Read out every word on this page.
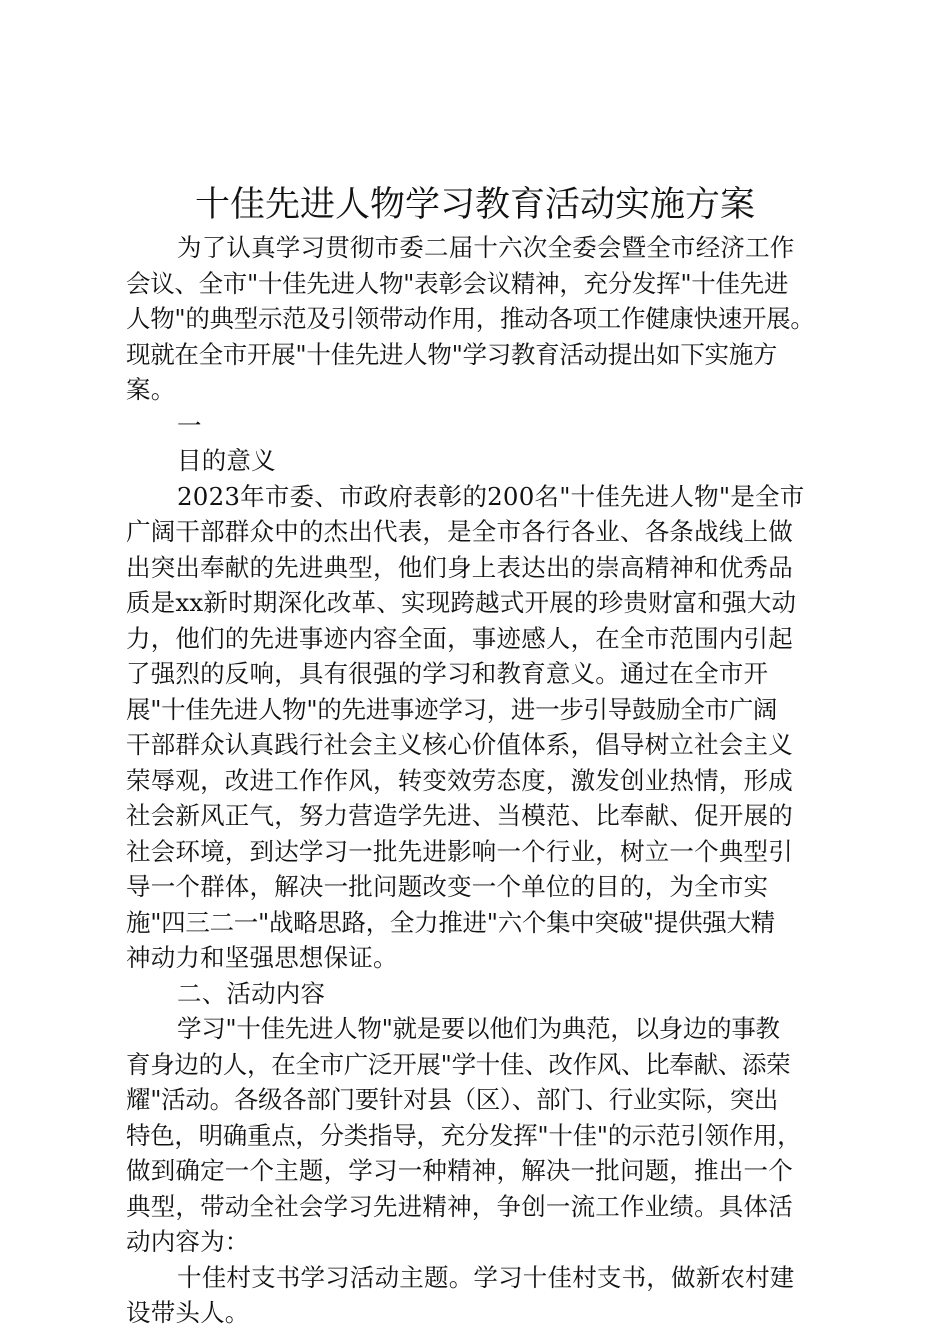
十佳先进人物学习教育活动实施方案
为了认真学习贯彻市委二届十六次全委会暨全市经济工作
会议、全市"十佳先进人物"表彰会议精神，充分发挥"十佳先进
人物"的典型示范及引领带动作用，推动各项工作健康快速开展。
现就在全市开展"十佳先进人物"学习教育活动提出如下实施方
案。
一
目的意义
2023年市委、市政府表彰的200名"十佳先进人物"是全市
广阔干部群众中的杰出代表，是全市各行各业、各条战线上做
出突出奉献的先进典型，他们身上表达出的崇高精神和优秀品
质是xx新时期深化改革、实现跨越式开展的珍贵财富和强大动
力，他们的先进事迹内容全面，事迹感人，在全市范围内引起
了强烈的反响，具有很强的学习和教育意义。通过在全市开
展"十佳先进人物"的先进事迹学习，进一步引导鼓励全市广阔
干部群众认真践行社会主义核心价值体系，倡导树立社会主义
荣辱观，改进工作作风，转变效劳态度，激发创业热情，形成
社会新风正气，努力营造学先进、当模范、比奉献、促开展的
社会环境，到达学习一批先进影响一个行业，树立一个典型引
导一个群体，解决一批问题改变一个单位的目的，为全市实
施"四三二一"战略思路，全力推进"六个集中突破"提供强大精
神动力和坚强思想保证。
二、活动内容
学习"十佳先进人物"就是要以他们为典范，以身边的事教
育身边的人，在全市广泛开展"学十佳、改作风、比奉献、添荣
耀"活动。各级各部门要针对县（区）、部门、行业实际，突出
特色，明确重点，分类指导，充分发挥"十佳"的示范引领作用，
做到确定一个主题，学习一种精神，解决一批问题，推出一个
典型，带动全社会学习先进精神，争创一流工作业绩。具体活
动内容为：
十佳村支书学习活动主题。学习十佳村支书，做新农村建
设带头人。
